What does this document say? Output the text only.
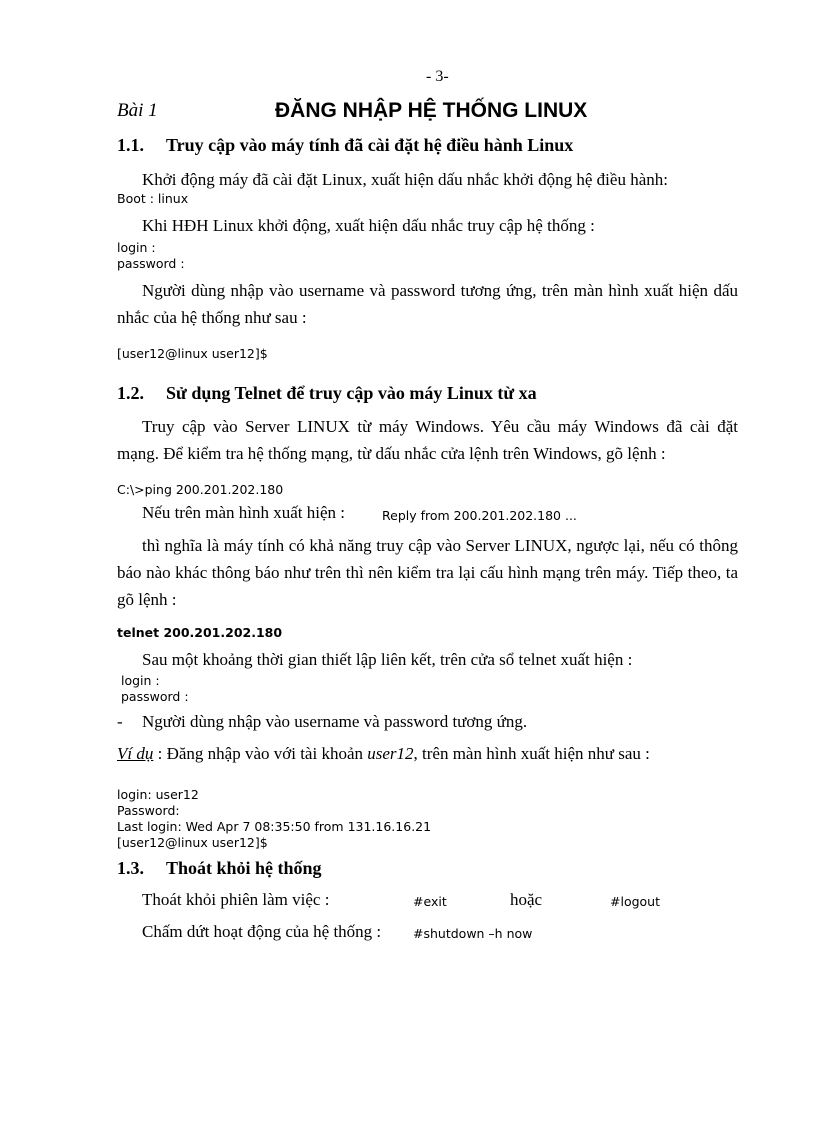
- 3-
Bài 1	ĐĂNG NHẬP HỆ THỐNG LINUX
1.1. Truy cập vào máy tính đã cài đặt hệ điều hành Linux
Khởi động máy đã cài đặt Linux, xuất hiện dấu nhắc khởi động hệ điều hành:
Boot : linux
Khi HĐH Linux khởi động, xuất hiện dấu nhắc truy cập hệ thống :
login :
password :
Người dùng nhập vào username và password tương ứng, trên màn hình xuất hiện dấu nhắc của hệ thống như sau :
[user12@linux user12]$
1.2. Sử dụng Telnet để truy cập vào máy Linux từ xa
Truy cập vào Server LINUX từ máy Windows. Yêu cầu máy Windows đã cài đặt mạng. Để kiểm tra hệ thống mạng, từ dấu nhắc cửa lệnh trên Windows, gõ lệnh :
C:\>ping 200.201.202.180
Nếu trên màn hình xuất hiện :	Reply from 200.201.202.180 ...
thì nghĩa là máy tính có khả năng truy cập vào Server LINUX, ngược lại, nếu có thông báo nào khác thông báo như trên thì nên kiểm tra lại cấu hình mạng trên máy. Tiếp theo, ta gõ lệnh :
telnet 200.201.202.180
Sau một khoảng thời gian thiết lập liên kết, trên cửa sổ telnet xuất hiện :
login :
password :
- Người dùng nhập vào username và password tương ứng.
Ví dụ : Đăng nhập vào với tài khoản user12, trên màn hình xuất hiện như sau :
login: user12
Password:
Last login: Wed Apr 7 08:35:50 from 131.16.16.21
[user12@linux user12]$
1.3. Thoát khỏi hệ thống
Thoát khỏi phiên làm việc :	#exit	hoặc	#logout
Chấm dứt hoạt động của hệ thống :	#shutdown –h now
